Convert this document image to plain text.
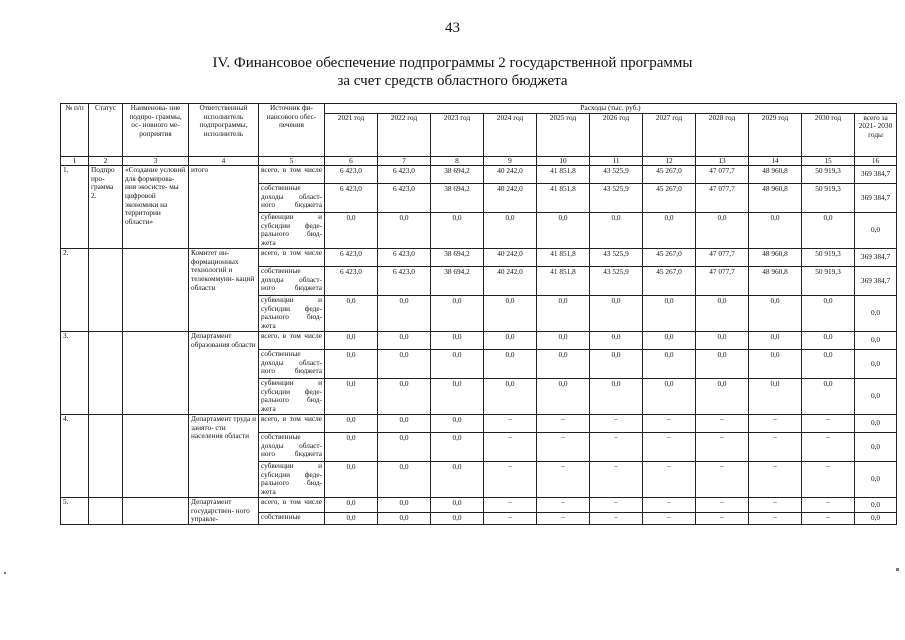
43
IV. Финансовое обеспечение подпрограммы 2 государственной программы
за счет средств областного бюджета
№ п/п	Статус	Наименова- ние подпро- граммы, ос- новного ме- роприятия	Ответственный исполнитель подпрограммы, исполнитель	Источник фи- нансового обес- печения	Расходы (тыс. руб.)										
					2021 год	2022 год	2023 год	2024 год	2025 год	2026 год	2027 год	2028 год	2029 год	2030 год	всего за 2021- 2030 годы
1	2	3	4	5	6	7	8	9	10	11	12	13	14	15	16
1.	Подпро про- грамма 2.	«Создание условий для формирова- ния экосисте- мы цифровой экономики на территории области»	итого	всего, в том числе	6 423,0	6 423,0	38 694,2	40 242,0	41 851,8	43 525,9	45 267,0	47 077,7	48 960,8	50 919,3	369 384,7
				собственные доходы област- ного бюджета	6 423,0	6 423,0	38 694,2	40 242,0	41 851,8	43 525,9	45 267,0	47 077,7	48 960,8	50 919,3	369 384,7
				субвенции и субсидии феде- рального бюд- жета	0,0	0,0	0,0	0,0	0,0	0,0	0,0	0,0	0,0	0,0	0,0
2.			Комитет ин- формационных технологий и телекоммуни- каций области	всего, в том числе	6 423,0	6 423,0	38 694,2	40 242,0	41 851,8	43 525,9	45 267,0	47 077,7	48 960,8	50 919,3	369 384,7
				собственные доходы област- ного бюджета	6 423,0	6 423,0	38 694,2	40 242,0	41 851,8	43 525,9	45 267,0	47 077,7	48 960,8	50 919,3	369 384,7
				субвенции и субсидии феде- рального бюд- жета	0,0	0,0	0,0	0,0	0,0	0,0	0,0	0,0	0,0	0,0	0,0
3.			Департамент образования области	всего, в том числе	0,0	0,0	0,0	0,0	0,0	0,0	0,0	0,0	0,0	0,0	0,0
				собственные доходы област- ного бюджета	0,0	0,0	0,0	0,0	0,0	0,0	0,0	0,0	0,0	0,0	0,0
				субвенции и субсидии феде- рального бюд- жета	0,0	0,0	0,0	0,0	0,0	0,0	0,0	0,0	0,0	0,0	0,0
4.			Департамент труда и занято- сти населения области	всего, в том числе	0,0	0,0	0,0	–	–	–	–	–	–	–	0,0
				собственные доходы област- ного бюджета	0,0	0,0	0,0	–	–	–	–	–	–	–	0,0
				субвенции и субсидии феде- рального бюд- жета	0,0	0,0	0,0	–	–	–	–	–	–	–	0,0
5.			Департамент государствен- ного управле-	всего, в том числе	0,0	0,0	0,0	–	–	–	–	–	–	–	0,0
				собственные	0,0	0,0	0,0	–	–	–	–	–	–	–	0,0
